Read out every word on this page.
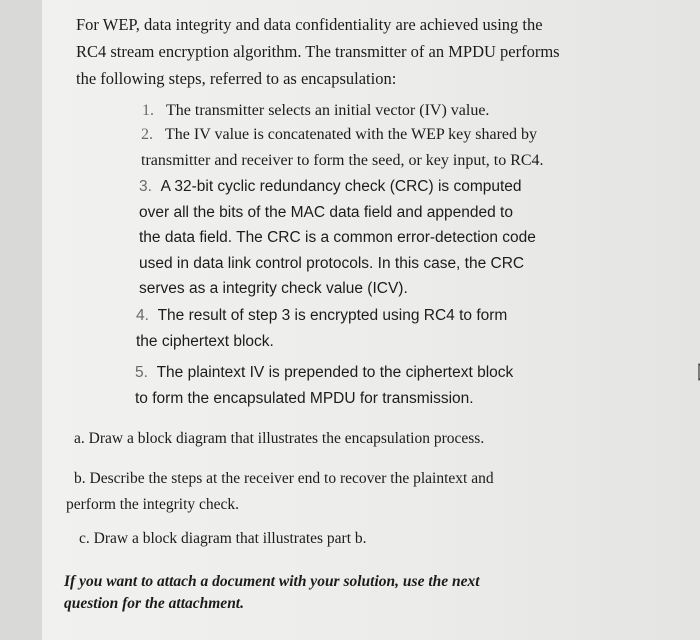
For WEP, data integrity and data confidentiality are achieved using the
RC4 stream encryption algorithm. The transmitter of an MPDU performs
the following steps, referred to as encapsulation:
1. The transmitter selects an initial vector (IV) value.
2. The IV value is concatenated with the WEP key shared by
transmitter and receiver to form the seed, or key input, to RC4.
3. A 32-bit cyclic redundancy check (CRC) is computed
over all the bits of the MAC data field and appended to
the data field. The CRC is a common error-detection code
used in data link control protocols. In this case, the CRC
serves as a integrity check value (ICV).
4. The result of step 3 is encrypted using RC4 to form
the ciphertext block.
5. The plaintext IV is prepended to the ciphertext block
to form the encapsulated MPDU for transmission.
a. Draw a block diagram that illustrates the encapsulation process.
b. Describe the steps at the receiver end to recover the plaintext and
perform the integrity check.
c. Draw a block diagram that illustrates part b.
If you want to attach a document with your solution, use the next
question for the attachment.
